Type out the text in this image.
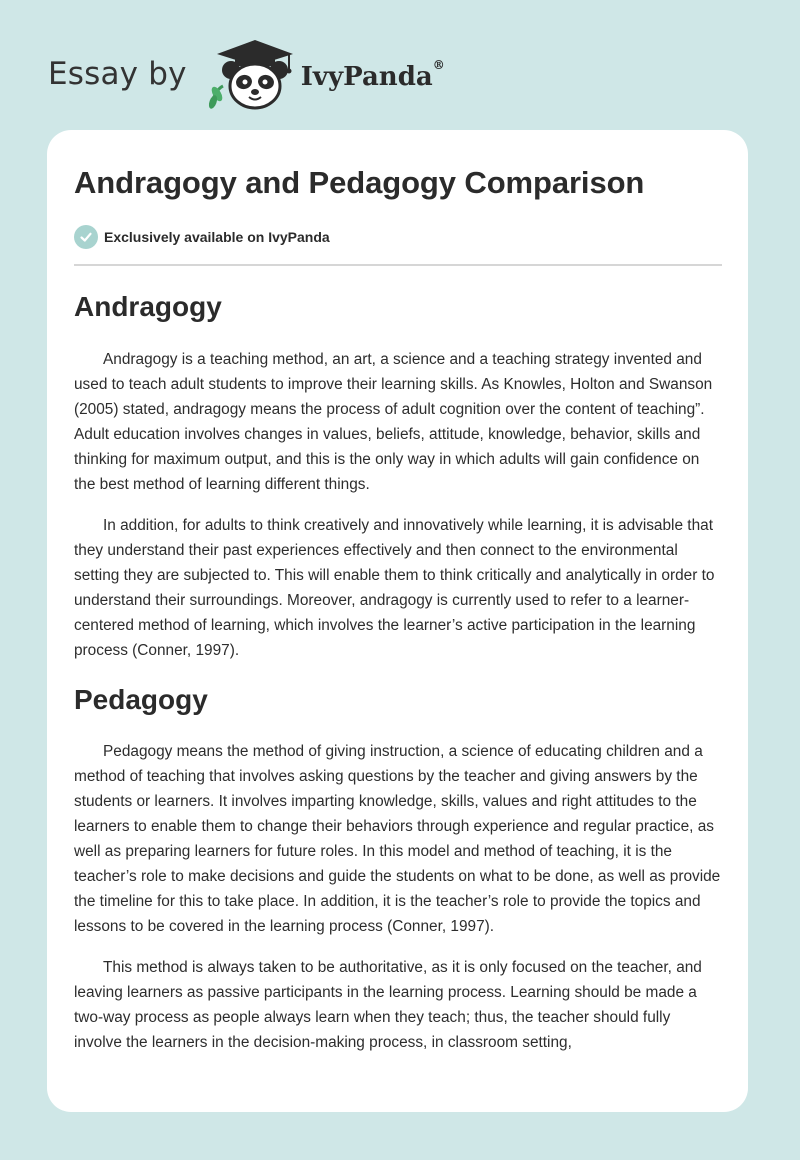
Essay by	IvyPanda®
Andragogy and Pedagogy Comparison
Exclusively available on IvyPanda
Andragogy

Andragogy is a teaching method, an art, a science and a teaching strategy invented and used to teach adult students to improve their learning skills. As Knowles, Holton and Swanson (2005) stated, andragogy means the process of adult cognition over the content of teaching”. Adult education involves changes in values, beliefs, attitude, knowledge, behavior, skills and thinking for maximum output, and this is the only way in which adults will gain confidence on the best method of learning different things.

In addition, for adults to think creatively and innovatively while learning, it is advisable that they understand their past experiences effectively and then connect to the environmental setting they are subjected to. This will enable them to think critically and analytically in order to understand their surroundings. Moreover, andragogy is currently used to refer to a learner-centered method of learning, which involves the learner’s active participation in the learning process (Conner, 1997).

Pedagogy

Pedagogy means the method of giving instruction, a science of educating children and a method of teaching that involves asking questions by the teacher and giving answers by the students or learners. It involves imparting knowledge, skills, values and right attitudes to the learners to enable them to change their behaviors through experience and regular practice, as well as preparing learners for future roles. In this model and method of teaching, it is the teacher’s role to make decisions and guide the students on what to be done, as well as provide the timeline for this to take place. In addition, it is the teacher’s role to provide the topics and lessons to be covered in the learning process (Conner, 1997).

This method is always taken to be authoritative, as it is only focused on the teacher, and leaving learners as passive participants in the learning process. Learning should be made a two-way process as people always learn when they teach; thus, the teacher should fully involve the learners in the decision-making process, in classroom setting,
